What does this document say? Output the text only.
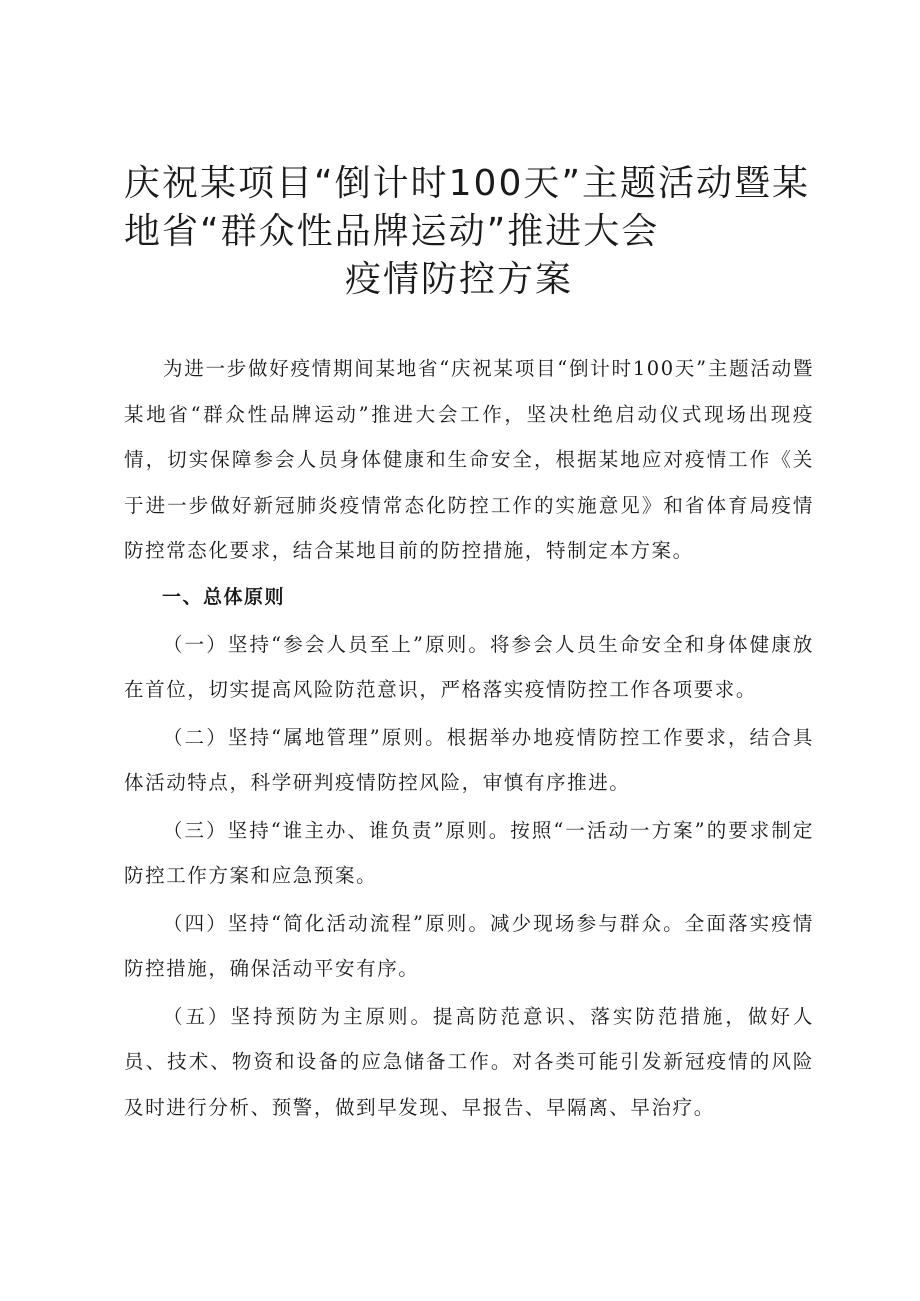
庆祝某项目“倒计时100天”主题活动暨某
地省“群众性品牌运动”推进大会
疫情防控方案

为进一步做好疫情期间某地省“庆祝某项目“倒计时100天”主题活动暨某地省“群众性品牌运动”推进大会工作，坚决杜绝启动仪式现场出现疫情，切实保障参会人员身体健康和生命安全，根据某地应对疫情工作《关于进一步做好新冠肺炎疫情常态化防控工作的实施意见》和省体育局疫情防控常态化要求，结合某地目前的防控措施，特制定本方案。

一、总体原则

（一）坚持“参会人员至上”原则。将参会人员生命安全和身体健康放在首位，切实提高风险防范意识，严格落实疫情防控工作各项要求。

（二）坚持“属地管理”原则。根据举办地疫情防控工作要求，结合具体活动特点，科学研判疫情防控风险，审慎有序推进。

（三）坚持“谁主办、谁负责”原则。按照“一活动一方案”的要求制定防控工作方案和应急预案。

（四）坚持“简化活动流程”原则。减少现场参与群众。全面落实疫情防控措施，确保活动平安有序。

（五）坚持预防为主原则。提高防范意识、落实防范措施，做好人员、技术、物资和设备的应急储备工作。对各类可能引发新冠疫情的风险及时进行分析、预警，做到早发现、早报告、早隔离、早治疗。
